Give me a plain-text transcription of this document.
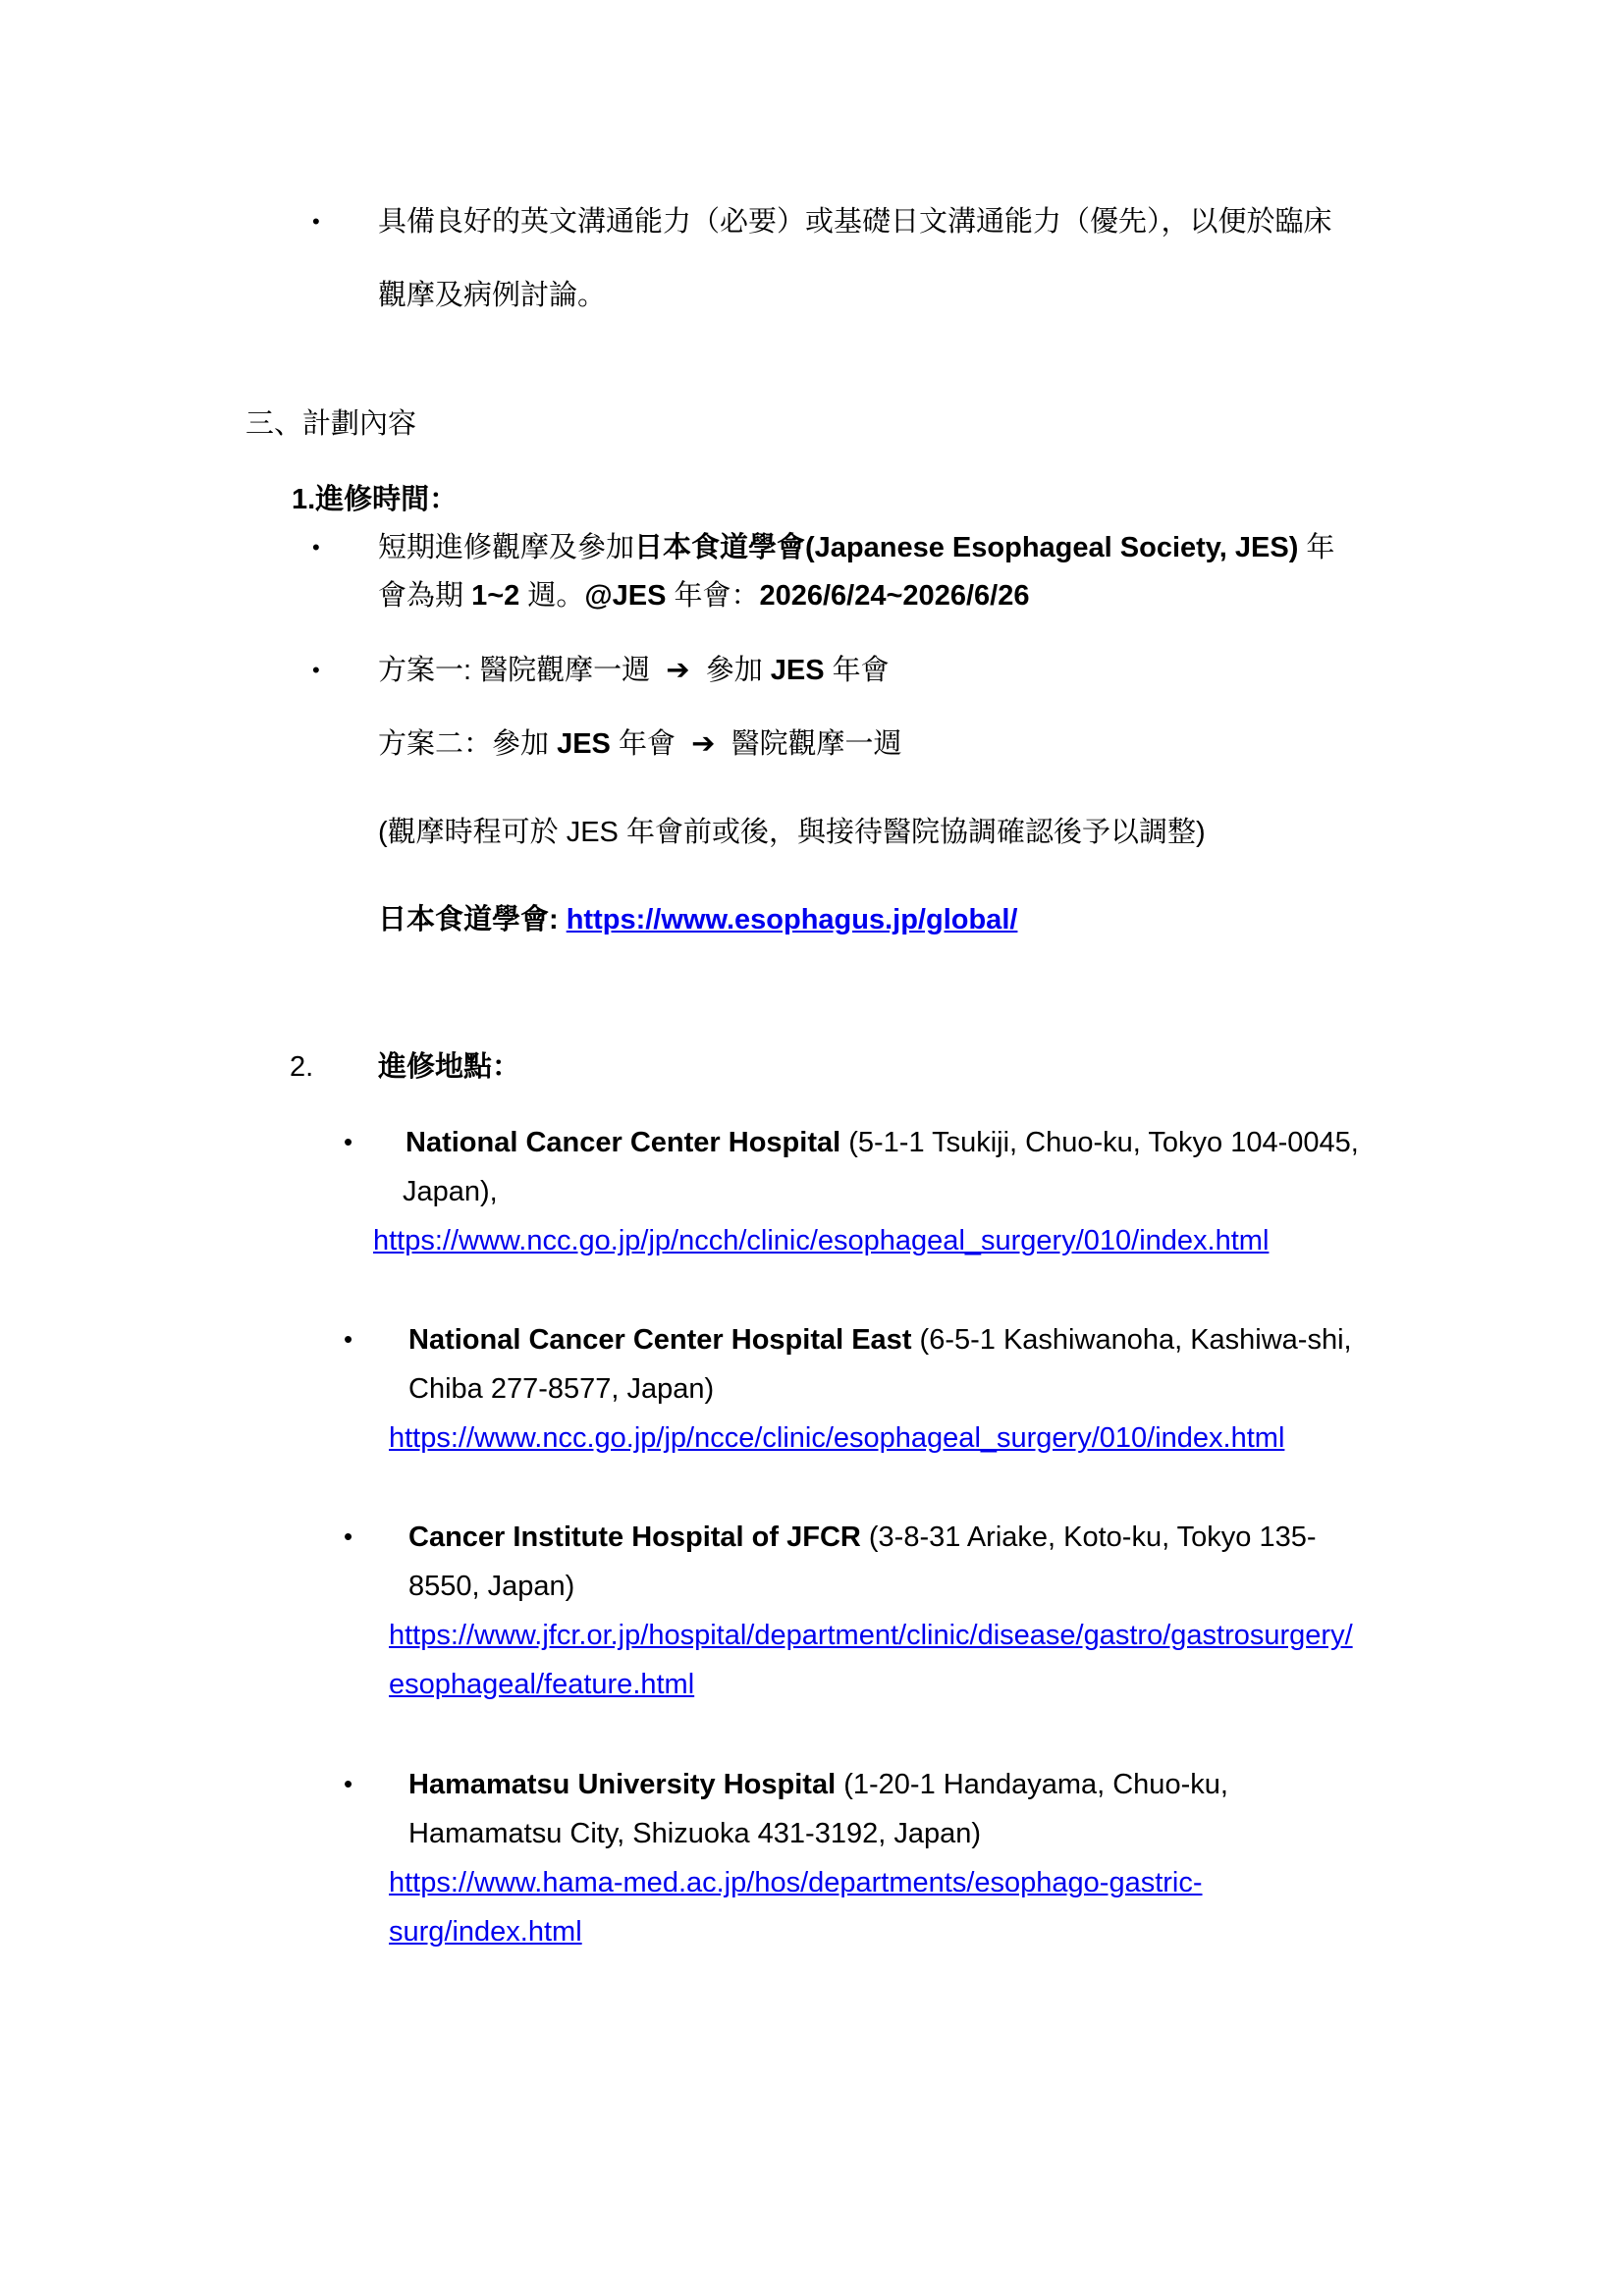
• 具備良好的英文溝通能力（必要）或基礎日文溝通能力（優先），以便於臨床
觀摩及病例討論。
三、計劃內容
1.進修時間：
• 短期進修觀摩及參加日本食道學會(Japanese Esophageal Society, JES) 年
會為期 1~2 週。@JES 年會：2026/6/24~2026/6/26
• 方案一: 醫院觀摩一週 ➔ 參加 JES 年會
方案二：參加 JES 年會 ➔ 醫院觀摩一週
(觀摩時程可於 JES 年會前或後，與接待醫院協調確認後予以調整)
日本食道學會: https://www.esophagus.jp/global/
2. 進修地點：
• National Cancer Center Hospital (5-1-1 Tsukiji, Chuo-ku, Tokyo 104-0045,
Japan),
https://www.ncc.go.jp/jp/ncch/clinic/esophageal_surgery/010/index.html
• National Cancer Center Hospital East (6-5-1 Kashiwanoha, Kashiwa-shi,
Chiba 277-8577, Japan)
https://www.ncc.go.jp/jp/ncce/clinic/esophageal_surgery/010/index.html
• Cancer Institute Hospital of JFCR (3-8-31 Ariake, Koto-ku, Tokyo 135-
8550, Japan)
https://www.jfcr.or.jp/hospital/department/clinic/disease/gastro/gastrosurgery/
esophageal/feature.html
• Hamamatsu University Hospital (1-20-1 Handayama, Chuo-ku,
Hamamatsu City, Shizuoka 431-3192, Japan)
https://www.hama-med.ac.jp/hos/departments/esophago-gastric-
surg/index.html
